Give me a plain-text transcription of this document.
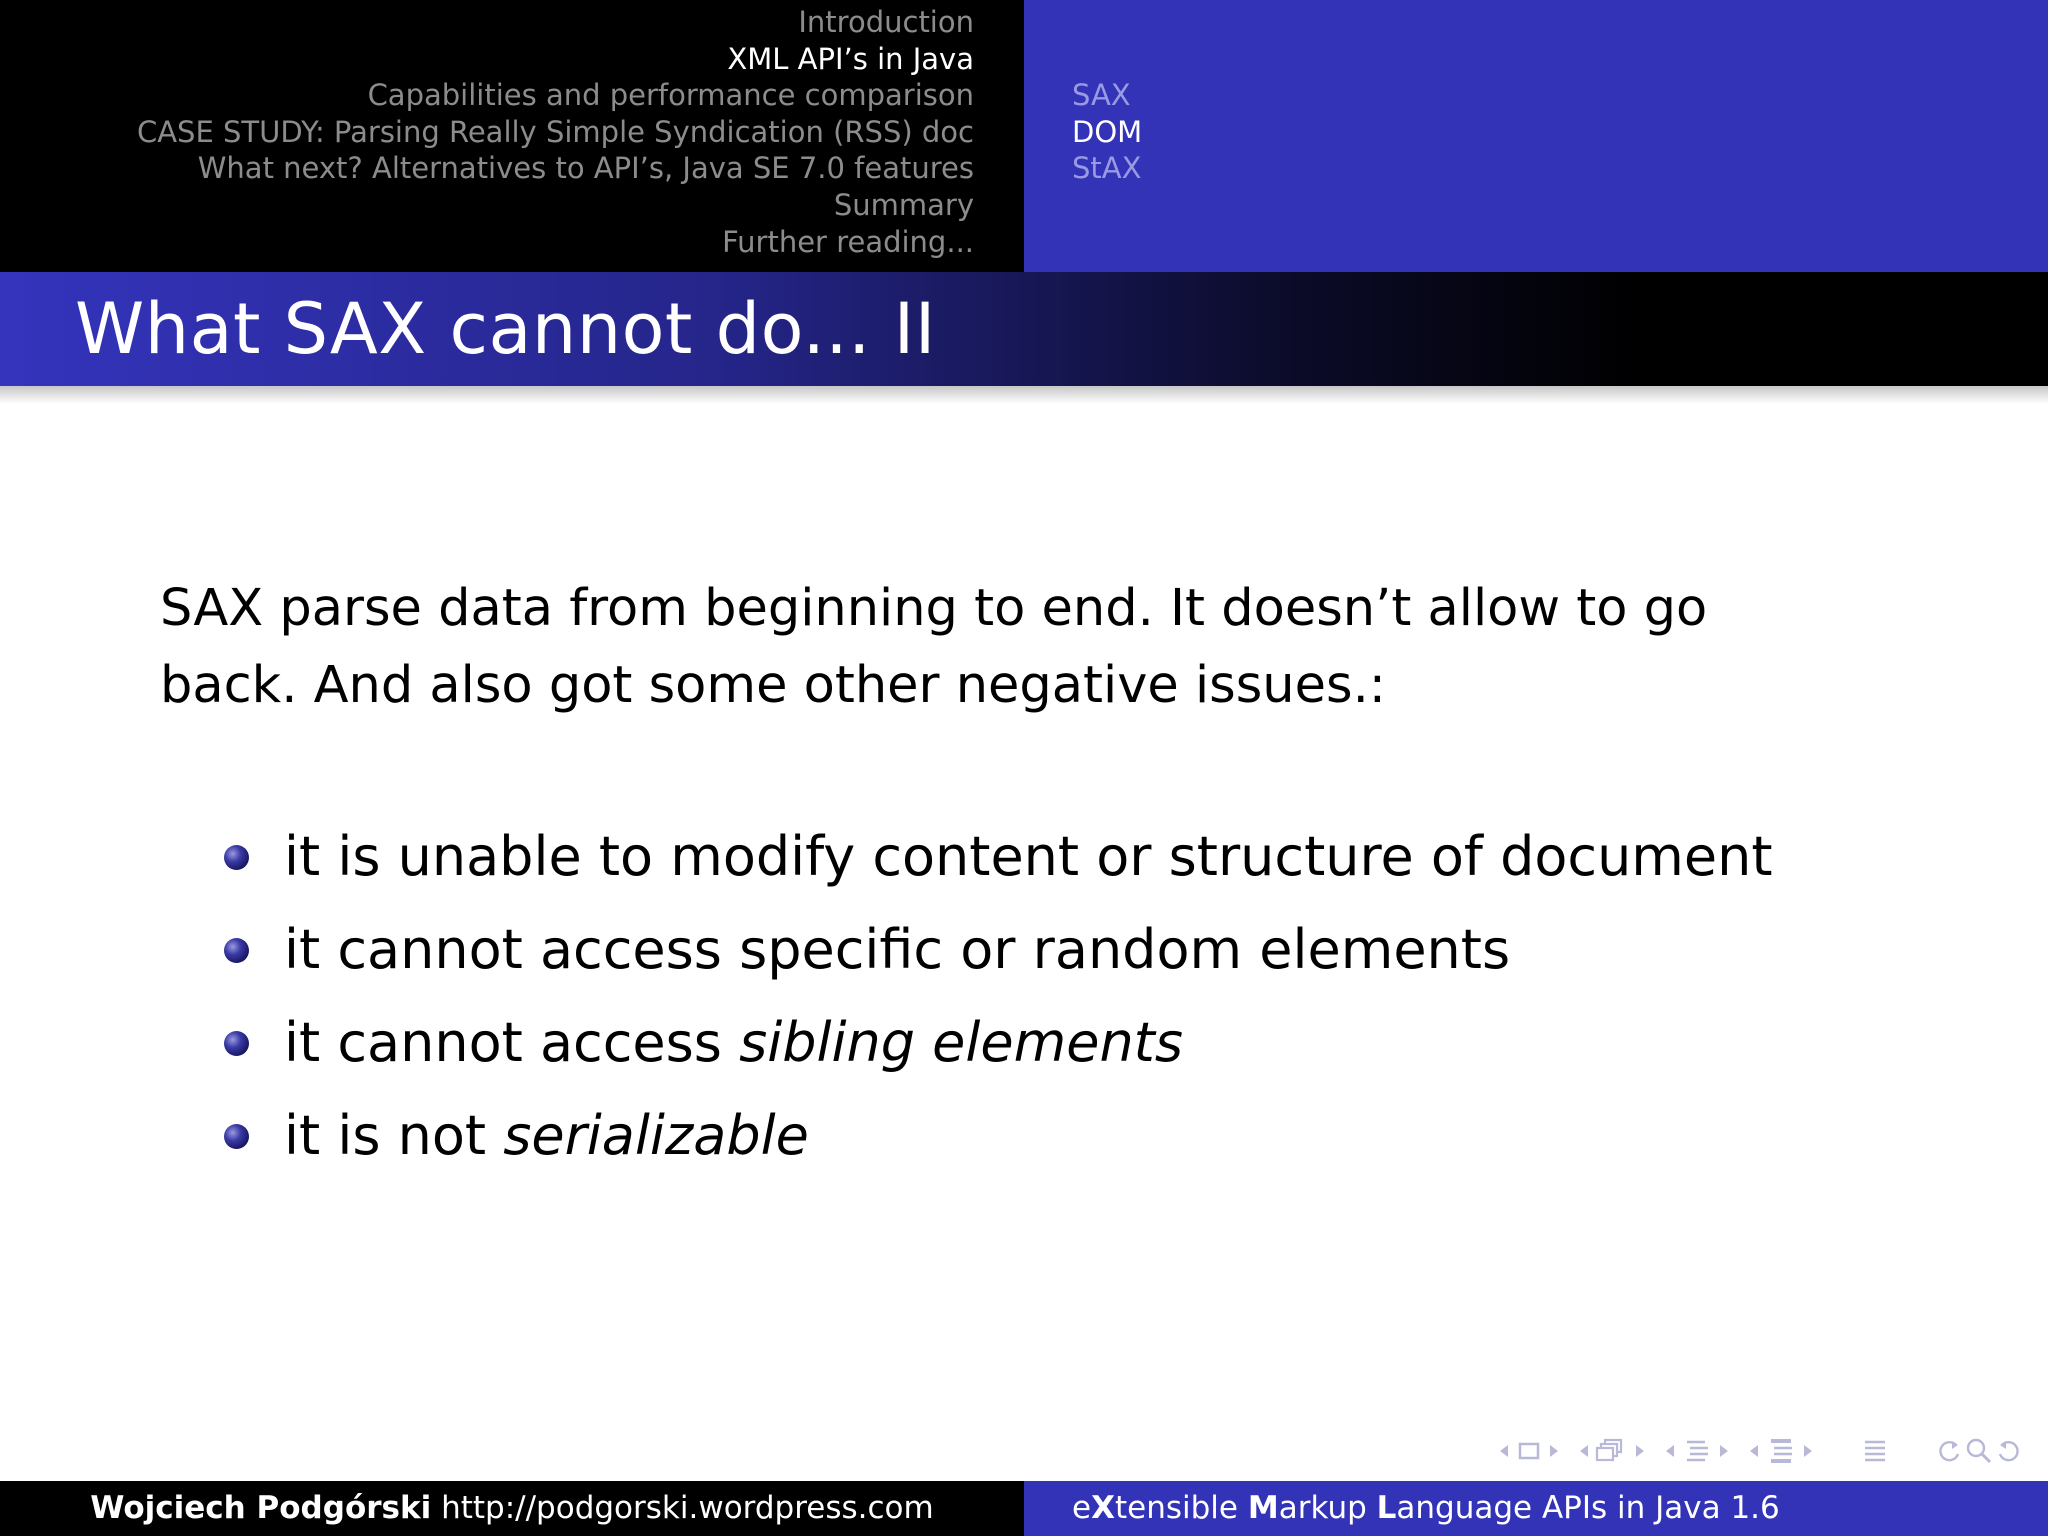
Introduction
XML API’s in Java
Capabilities and performance comparison
CASE STUDY: Parsing Really Simple Syndication (RSS) doc
What next? Alternatives to API’s, Java SE 7.0 features
Summary
Further reading...
SAX
DOM
StAX
What SAX cannot do... II
SAX parse data from beginning to end. It doesn’t allow to go
back. And also got some other negative issues.:
it is unable to modify content or structure of document
it cannot access specific or random elements
it cannot access sibling elements
it is not serializable
Wojciech Podgórski http://podgorski.wordpress.com	eXtensible Markup Language APIs in Java 1.6
